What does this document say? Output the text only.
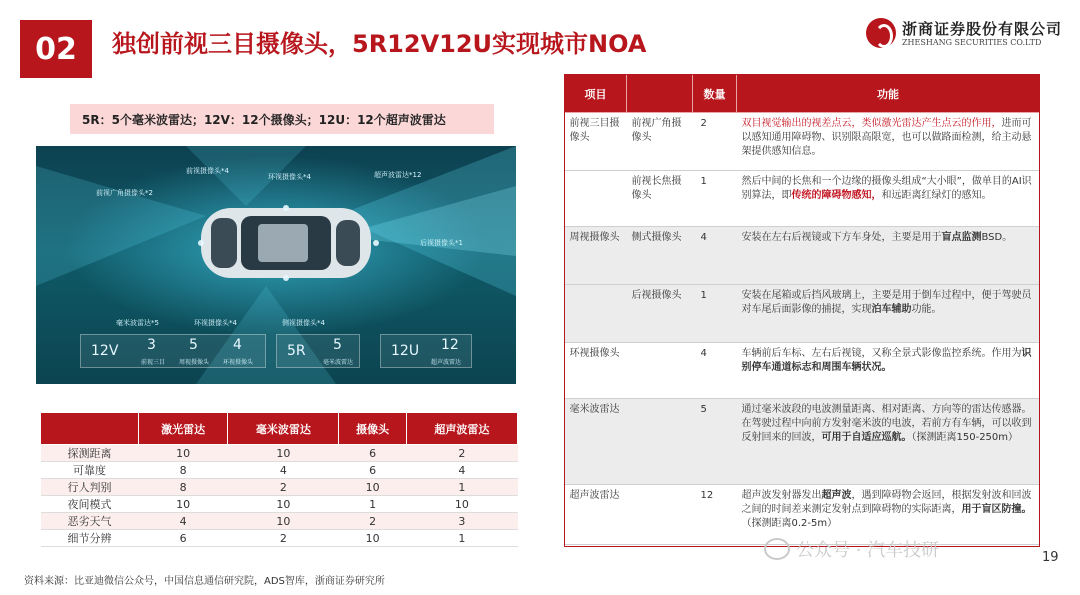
02 独创前视三目摄像头，5R12V12U实现城市NOA
浙商证券股份有限公司
ZHESHANG SECURITIES CO.LTD
5R：5个毫米波雷达；12V：12个摄像头；12U：12个超声波雷达
前视摄像头*4
前视广角摄像头*2
环视摄像头*4	超声波雷达*12
后视摄像头*1
毫米波雷达*5	环视摄像头*4	侧视摄像头*4
12V 3
前视三目
5
周视摄像头
4
环视摄像头
5R 5
毫米波雷达
12U 12
超声波雷达
	激光雷达	毫米波雷达	摄像头	超声波雷达
探测距离	10	10	6	2
可靠度	8	4	6	4
行人判别	8	2	10	1
夜间模式	10	10	1	10
恶劣天气	4	10	2	3
细节分辨	6	2	10	1
项目		数量	功能
前视三目摄像头	前视广角摄像头	2	双目视觉输出的视差点云，类似激光雷达产生点云的作用，进而可以感知通用障碍物、识别限高限宽，也可以做路面检测，给主动悬架提供感知信息。
	前视长焦摄像头	1	然后中间的长焦和一个边缘的摄像头组成“大小眼”，做单目的AI识别算法，即传统的障碍物感知，和远距离红绿灯的感知。
周视摄像头	侧式摄像头	4	安装在左右后视镜或下方车身处，主要是用于盲点监测BSD。
	后视摄像头	1	安装在尾箱或后挡风玻璃上，主要是用于倒车过程中，便于驾驶员对车尾后面影像的捕捉，实现泊车辅助功能。
环视摄像头		4	车辆前后车标、左右后视镜，又称全景式影像监控系统。作用为识别停车通道标志和周围车辆状况。
毫米波雷达		5	通过毫米波段的电波测量距离、相对距离、方向等的雷达传感器。在驾驶过程中向前方发射毫米波的电波，若前方有车辆，可以收到反射回来的回波，可用于自适应巡航。（探测距离150-250m）
超声波雷达		12	超声波发射器发出超声波，遇到障碍物会返回，根据发射波和回波之间的时间差来测定发射点到障碍物的实际距离，用于盲区防撞。（探测距离0.2-5m）
资料来源：比亚迪微信公众号，中国信息通信研究院，ADS智库，浙商证券研究所
公众号 · 汽车技研	19
